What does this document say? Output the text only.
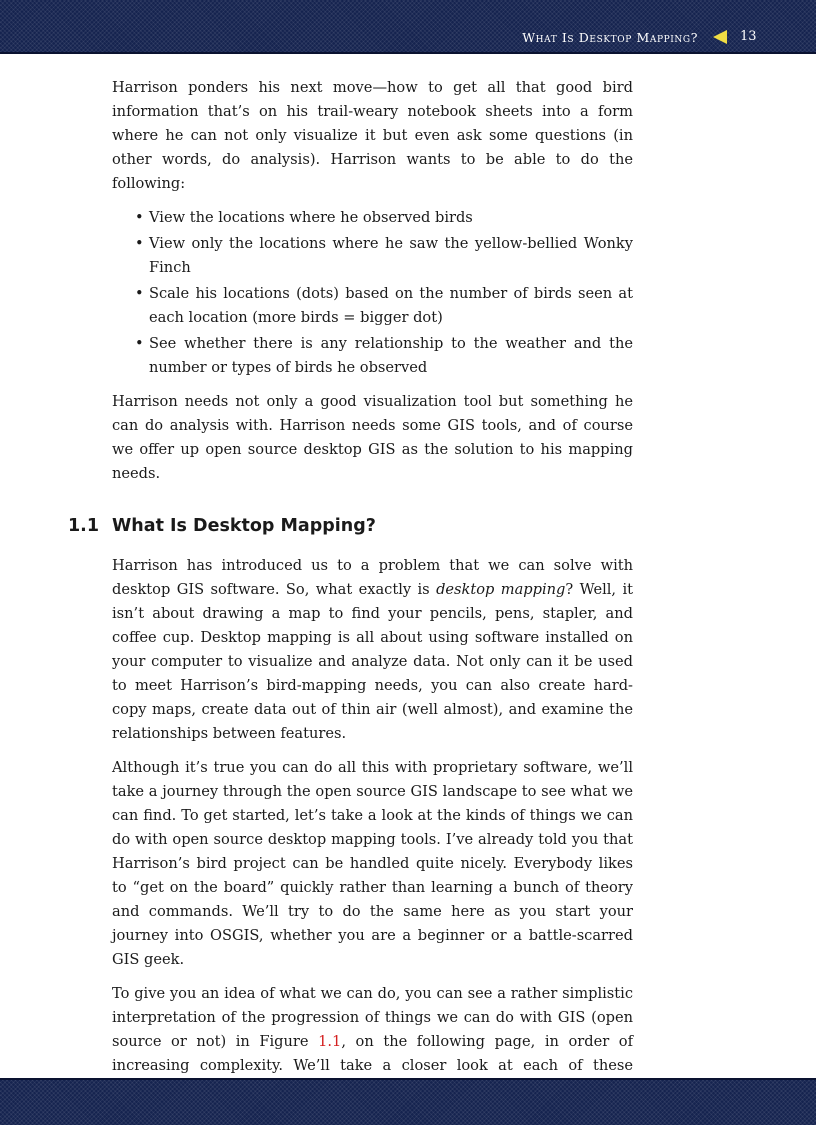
What Is Desktop Mapping?	13

Harrison ponders his next move—how to get all that good bird information that’s on his trail-weary notebook sheets into a form where he can not only visualize it but even ask some questions (in other words, do analysis). Harrison wants to be able to do the following:

• View the locations where he observed birds
• View only the locations where he saw the yellow-bellied Wonky Finch
• Scale his locations (dots) based on the number of birds seen at each location (more birds = bigger dot)
• See whether there is any relationship to the weather and the number or types of birds he observed

Harrison needs not only a good visualization tool but something he can do analysis with. Harrison needs some GIS tools, and of course we offer up open source desktop GIS as the solution to his mapping needs.

1.1 What Is Desktop Mapping?

Harrison has introduced us to a problem that we can solve with desktop GIS software. So, what exactly is desktop mapping? Well, it isn’t about drawing a map to find your pencils, pens, stapler, and coffee cup. Desktop mapping is all about using software installed on your computer to visualize and analyze data. Not only can it be used to meet Harrison’s bird-mapping needs, you can also create hard-copy maps, create data out of thin air (well almost), and examine the relationships between features.

Although it’s true you can do all this with proprietary software, we’ll take a journey through the open source GIS landscape to see what we can find. To get started, let’s take a look at the kinds of things we can do with open source desktop mapping tools. I’ve already told you that Harrison’s bird project can be handled quite nicely. Everybody likes to “get on the board” quickly rather than learning a bunch of theory and commands. We’ll try to do the same here as you start your journey into OSGIS, whether you are a beginner or a battle-scarred GIS geek.

To give you an idea of what we can do, you can see a rather simplistic interpretation of the progression of things we can do with GIS (open source or not) in Figure 1.1, on the following page, in order of increasing complexity. We’ll take a closer look at each of these
